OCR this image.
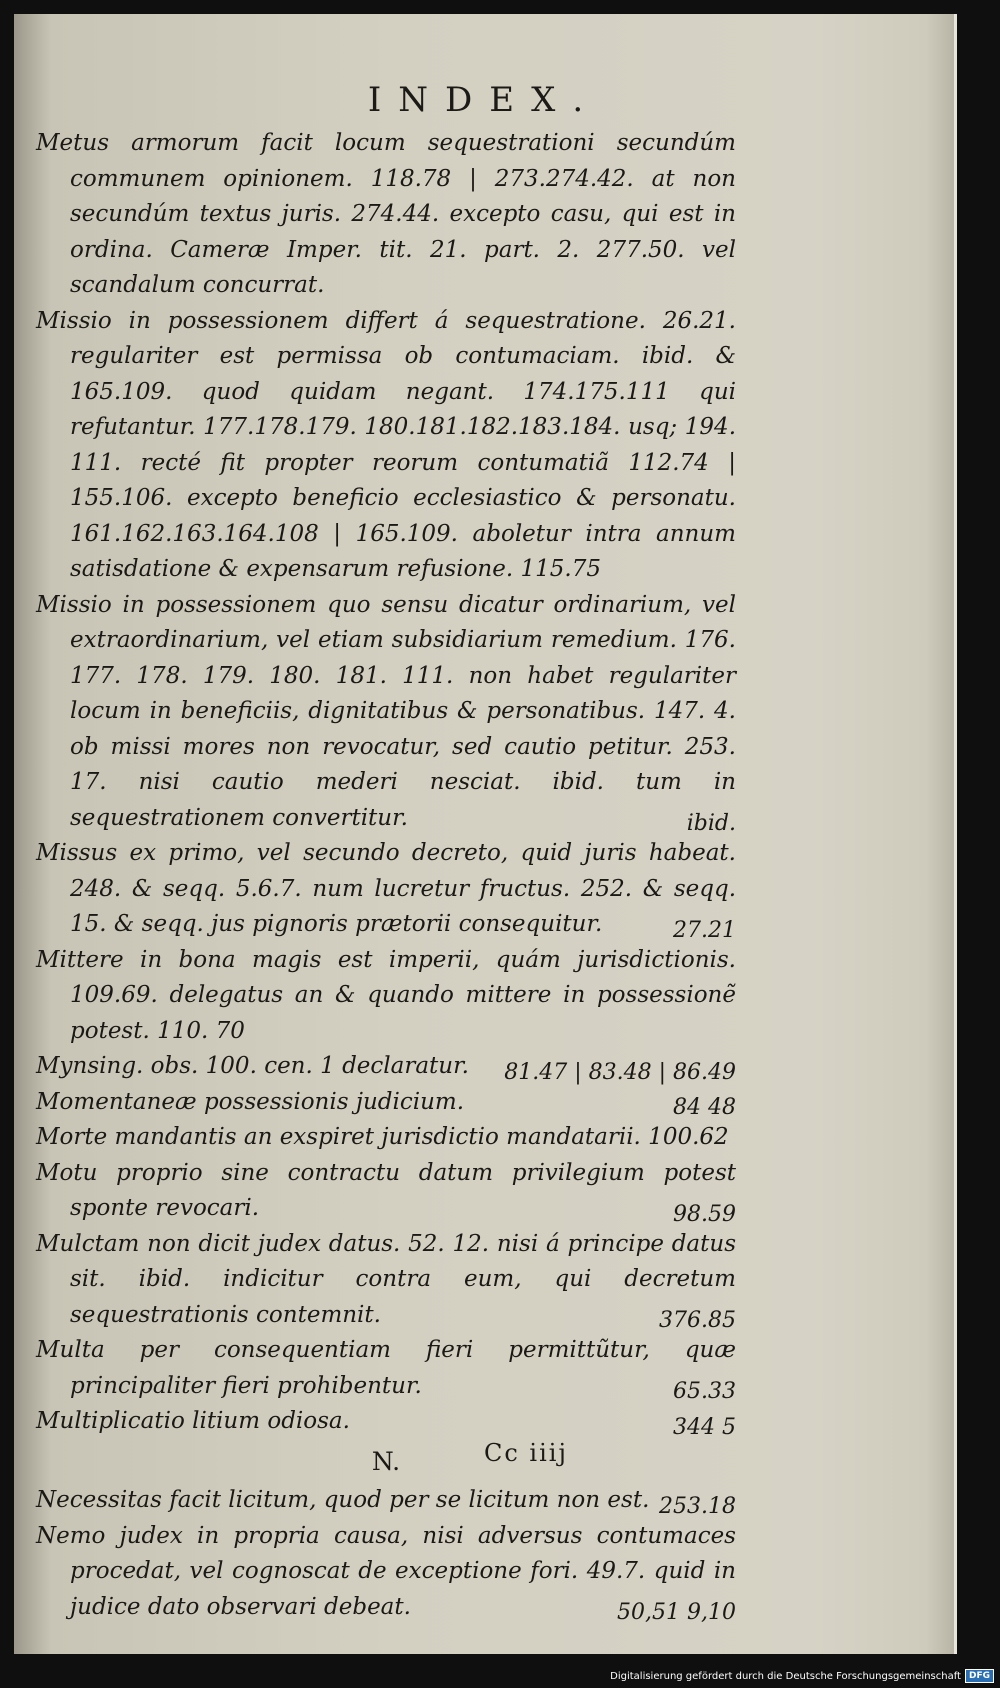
INDEX.
Metus armorum facit locum sequestrationi secundúm communem opinionem. 118.78 | 273.274.42. at non secundúm textus juris. 274.44. excepto casu, qui est in ordina. Cameræ Imper. tit. 21. part. 2. 277.50. vel scandalum concurrat.
Missio in possessionem differt á sequestratione. 26.21. regulariter est permissa ob contumaciam. ibid. & 165.109. quod quidam negant. 174.175.111 qui refutantur. 177.178.179. 180.181.182.183.184. usq; 194. 111. recté fit propter reorum contumatiã 112.74 | 155.106. excepto beneficio ecclesiastico & personatu. 161.162.163.164.108 | 165.109. aboletur intra annum satisdatione & expensarum refusione. 115.75
Missio in possessionem quo sensu dicatur ordinarium, vel extraordinarium, vel etiam subsidiarium remedium. 176. 177. 178. 179. 180. 181. 111. non habet regulariter locum in beneficiis, dignitatibus & personatibus. 147. 4. ob missi mores non revocatur, sed cautio petitur. 253. 17. nisi cautio mederi nesciat. ibid. tum in sequestrationem convertitur.	ibid.
Missus ex primo, vel secundo decreto, quid juris habeat. 248. & seqq. 5.6.7. num lucretur fructus. 252. & seqq. 15. & seqq. jus pignoris prætorii consequitur.	27.21
Mittere in bona magis est imperii, quám jurisdictionis. 109.69. delegatus an & quando mittere in possessionẽ potest. 110. 70
Mynsing. obs. 100. cen. 1 declaratur.	81.47 | 83.48 | 86.49
Momentaneæ possessionis judicium.	84 48
Morte mandantis an exspiret jurisdictio mandatarii. 100.62
Motu proprio sine contractu datum privilegium potest sponte revocari.	98.59
Mulctam non dicit judex datus. 52. 12. nisi á principe datus sit. ibid. indicitur contra eum, qui decretum sequestrationis contemnit.	376.85
Multa per consequentiam fieri permittũtur, quæ principaliter fieri prohibentur.	65.33
Multiplicatio litium odiosa.	344 5
N.
Necessitas facit licitum, quod per se licitum non est. 253.18
Nemo judex in propria causa, nisi adversus contumaces procedat, vel cognoscat de exceptione fori. 49.7. quid in judice dato observari debeat.	50,51 9,10
Cc iiij
Digitalisierung gefördert durch die Deutsche Forschungsgemeinschaft DFG
